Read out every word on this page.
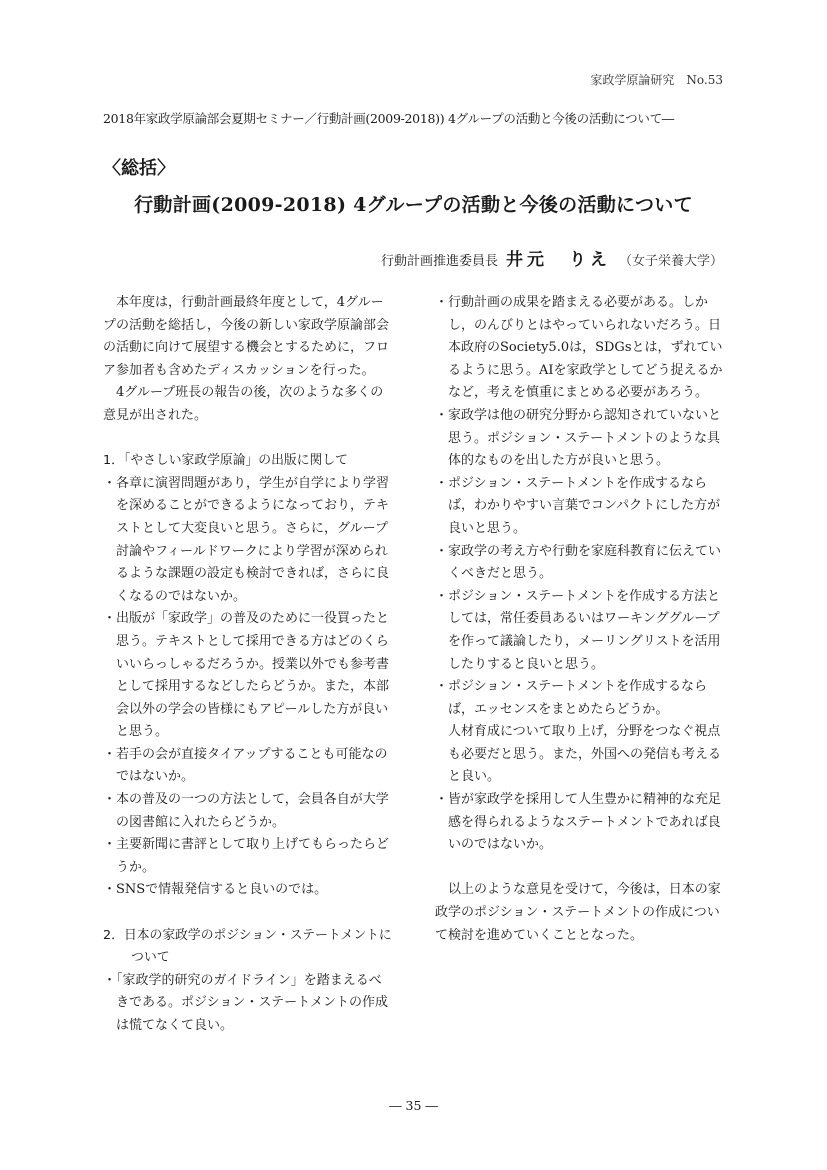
家政学原論研究　No.53
2018年家政学原論部会夏期セミナー／行動計画(2009-2018)) 4グループの活動と今後の活動について―
〈総括〉
行動計画(2009-2018) 4グループの活動と今後の活動について
行動計画推進委員長 井元　りえ （女子栄養大学）

本年度は，行動計画最終年度として，4グループの活動を総括し，今後の新しい家政学原論部会の活動に向けて展望する機会とするために，フロア参加者も含めたディスカッションを行った。

4グループ班長の報告の後，次のような多くの意見が出された。

1．「やさしい家政学原論」の出版に関して
・各章に演習問題があり，学生が自学により学習を深めることができるようになっており，テキストとして大変良いと思う。さらに，グループ討論やフィールドワークにより学習が深められるような課題の設定も検討できれば，さらに良くなるのではないか。
・出版が「家政学」の普及のために一役買ったと思う。テキストとして採用できる方はどのくらいいらっしゃるだろうか。授業以外でも参考書として採用するなどしたらどうか。また，本部会以外の学会の皆様にもアピールした方が良いと思う。
・若手の会が直接タイアップすることも可能なのではないか。
・本の普及の一つの方法として，会員各自が大学の図書館に入れたらどうか。
・主要新聞に書評として取り上げてもらったらどうか。
・SNSで情報発信すると良いのでは。
2．日本の家政学のポジション・ステートメントについて
・「家政学的研究のガイドライン」を踏まえるべきである。ポジション・ステートメントの作成は慌てなくて良い。
・行動計画の成果を踏まえる必要がある。しかし，のんびりとはやっていられないだろう。日本政府のSociety5.0は，SDGsとは，ずれているように思う。AIを家政学としてどう捉えるかなど，考えを慎重にまとめる必要があろう。
・家政学は他の研究分野から認知されていないと思う。ポジション・ステートメントのような具体的なものを出した方が良いと思う。
・ポジション・ステートメントを作成するならば，わかりやすい言葉でコンパクトにした方が良いと思う。
・家政学の考え方や行動を家庭科教育に伝えていくべきだと思う。
・ポジション・ステートメントを作成する方法としては，常任委員あるいはワーキンググループを作って議論したり，メーリングリストを活用したりすると良いと思う。
・ポジション・ステートメントを作成するならば，エッセンスをまとめたらどうか。
人材育成について取り上げ，分野をつなぐ視点も必要だと思う。また，外国への発信も考えると良い。
・皆が家政学を採用して人生豊かに精神的な充足感を得られるようなステートメントであれば良いのではないか。

以上のような意見を受けて，今後は，日本の家政学のポジション・ステートメントの作成について検討を進めていくこととなった。

― 35 ―
